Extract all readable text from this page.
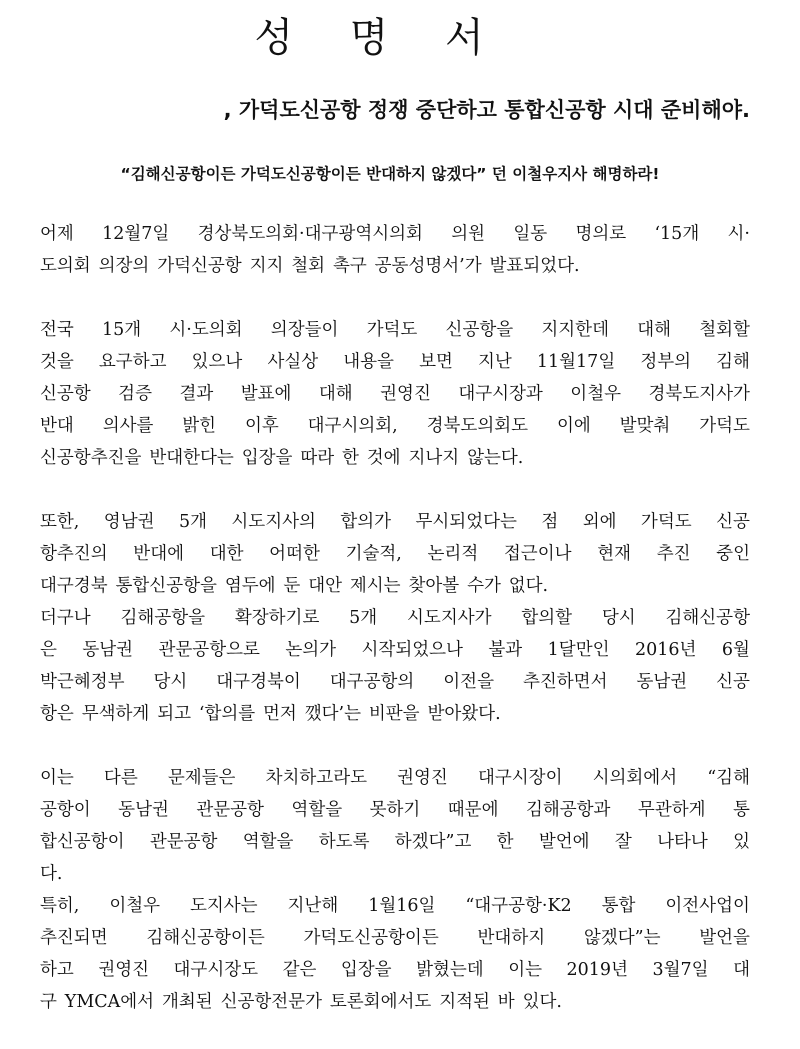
성 명 서
, 가덕도신공항 정쟁 중단하고 통합신공항 시대 준비해야.
“김해신공항이든 가덕도신공항이든 반대하지 않겠다” 던 이철우지사 해명하라!
어제 12월7일 경상북도의회·대구광역시의회 의원 일동 명의로 ‘15개 시·
도의회 의장의 가덕신공항 지지 철회 촉구 공동성명서’가 발표되었다.
전국 15개 시·도의회 의장들이 가덕도 신공항을 지지한데 대해 철회할
것을 요구하고 있으나 사실상 내용을 보면 지난 11월17일 정부의 김해
신공항 검증 결과 발표에 대해 권영진 대구시장과 이철우 경북도지사가
반대 의사를 밝힌 이후 대구시의회, 경북도의회도 이에 발맞춰 가덕도
신공항추진을 반대한다는 입장을 따라 한 것에 지나지 않는다.
또한, 영남권 5개 시도지사의 합의가 무시되었다는 점 외에 가덕도 신공
항추진의 반대에 대한 어떠한 기술적, 논리적 접근이나 현재 추진 중인
대구경북 통합신공항을 염두에 둔 대안 제시는 찾아볼 수가 없다.
더구나 김해공항을 확장하기로 5개 시도지사가 합의할 당시 김해신공항
은 동남권 관문공항으로 논의가 시작되었으나 불과 1달만인 2016년 6월
박근혜정부 당시 대구경북이 대구공항의 이전을 추진하면서 동남권 신공
항은 무색하게 되고 ‘합의를 먼저 깼다’는 비판을 받아왔다.
이는 다른 문제들은 차치하고라도 권영진 대구시장이 시의회에서 “김해
공항이 동남권 관문공항 역할을 못하기 때문에 김해공항과 무관하게 통
합신공항이 관문공항 역할을 하도록 하겠다”고 한 발언에 잘 나타나 있
다.
특히, 이철우 도지사는 지난해 1월16일 “대구공항·K2 통합 이전사업이
추진되면 김해신공항이든 가덕도신공항이든 반대하지 않겠다”는 발언을
하고 권영진 대구시장도 같은 입장을 밝혔는데 이는 2019년 3월7일 대
구 YMCA에서 개최된 신공항전문가 토론회에서도 지적된 바 있다.
